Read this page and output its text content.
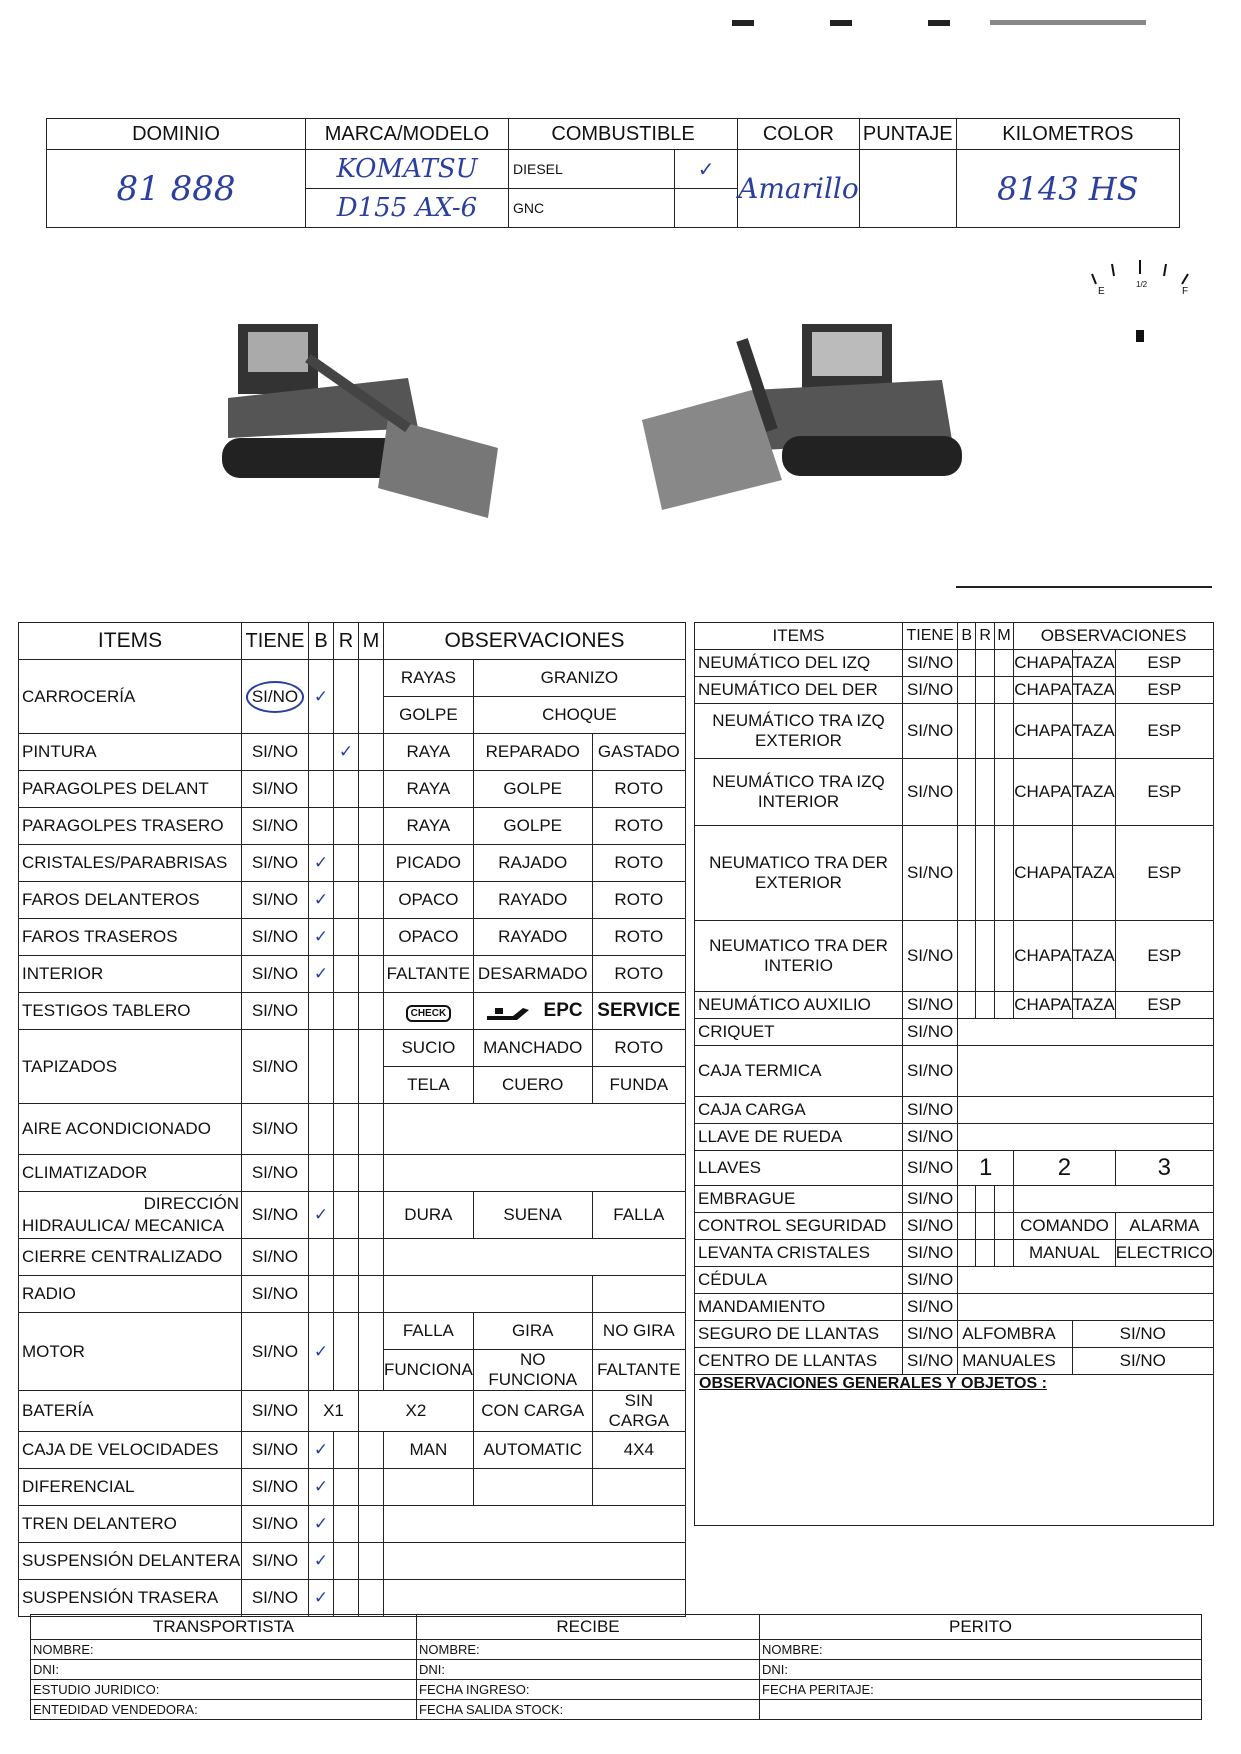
DOMINIO	MARCA/MODELO	COMBUSTIBLE		COLOR	PUNTAJE	KILOMETROS
81 888	KOMATSU	DIESEL	✓	Amarillo		8143 HS
	D155 AX-6	GNC				
E
1/2
F
ITEMS	TIENE	B	R	M	OBSERVACIONES		
CARROCERÍA	SI/NO	✓			RAYAS	GRANIZO	
					GOLPE	CHOQUE	
PINTURA	SI/NO		✓		RAYA	REPARADO	GASTADO
PARAGOLPES DELANT	SI/NO				RAYA	GOLPE	ROTO
PARAGOLPES TRASERO	SI/NO				RAYA	GOLPE	ROTO
CRISTALES/PARABRISAS	SI/NO	✓			PICADO	RAJADO	ROTO
FAROS DELANTEROS	SI/NO	✓			OPACO	RAYADO	ROTO
FAROS TRASEROS	SI/NO	✓			OPACO	RAYADO	ROTO
INTERIOR	SI/NO	✓			FALTANTE	DESARMADO	ROTO
TESTIGOS TABLERO	SI/NO				CHECK	EPC	SERVICE
TAPIZADOS	SI/NO				SUCIO	MANCHADO	ROTO
					TELA	CUERO	FUNDA
AIRE ACONDICIONADO	SI/NO						
CLIMATIZADOR	SI/NO						

DIRECCIÓN
HIDRAULICA/ MECANICA	SI/NO	✓			DURA	SUENA	FALLA
CIERRE CENTRALIZADO	SI/NO						
RADIO	SI/NO						
MOTOR	SI/NO	✓			FALLA	GIRA	NO GIRA
					FUNCIONA	NO FUNCIONA	FALTANTE
BATERÍA	SI/NO	X1		X2		CON CARGA	SIN CARGA
CAJA DE VELOCIDADES	SI/NO	✓			MAN	AUTOMATIC	4X4
DIFERENCIAL	SI/NO	✓					
TREN DELANTERO	SI/NO	✓					
SUSPENSIÓN DELANTERA	SI/NO	✓					
SUSPENSIÓN TRASERA	SI/NO	✓					
ITEMS	TIENE	B	R	M	OBSERVACIONES		
NEUMÁTICO DEL IZQ	SI/NO				CHAPA	TAZA	ESP
NEUMÁTICO DEL DER	SI/NO				CHAPA	TAZA	ESP

NEUMÁTICO TRA IZQ
EXTERIOR	SI/NO				CHAPA	TAZA	ESP

NEUMÁTICO TRA IZQ
INTERIOR	SI/NO				CHAPA	TAZA	ESP

NEUMATICO TRA DER
EXTERIOR	SI/NO				CHAPA	TAZA	ESP

NEUMATICO TRA DER
INTERIO	SI/NO				CHAPA	TAZA	ESP
NEUMÁTICO AUXILIO	SI/NO				CHAPA	TAZA	ESP
CRIQUET	SI/NO						
CAJA TERMICA	SI/NO						
CAJA CARGA	SI/NO						
LLAVE DE RUEDA	SI/NO						
LLAVES	SI/NO	1			2		3
EMBRAGUE	SI/NO						
CONTROL SEGURIDAD	SI/NO				COMANDO		ALARMA
LEVANTA CRISTALES	SI/NO				MANUAL		ELECTRICO
CÉDULA	SI/NO						
MANDAMIENTO	SI/NO						
SEGURO DE LLANTAS	SI/NO	ALFOMBRA				SI/NO	
CENTRO DE LLANTAS	SI/NO	MANUALES				SI/NO	
OBSERVACIONES GENERALES Y OBJETOS :							
TRANSPORTISTA	RECIBE	PERITO
NOMBRE:	NOMBRE:	NOMBRE:
DNI:	DNI:	DNI:
ESTUDIO JURIDICO:	FECHA INGRESO:	FECHA PERITAJE:
ENTEDIDAD VENDEDORA:	FECHA SALIDA STOCK:	
